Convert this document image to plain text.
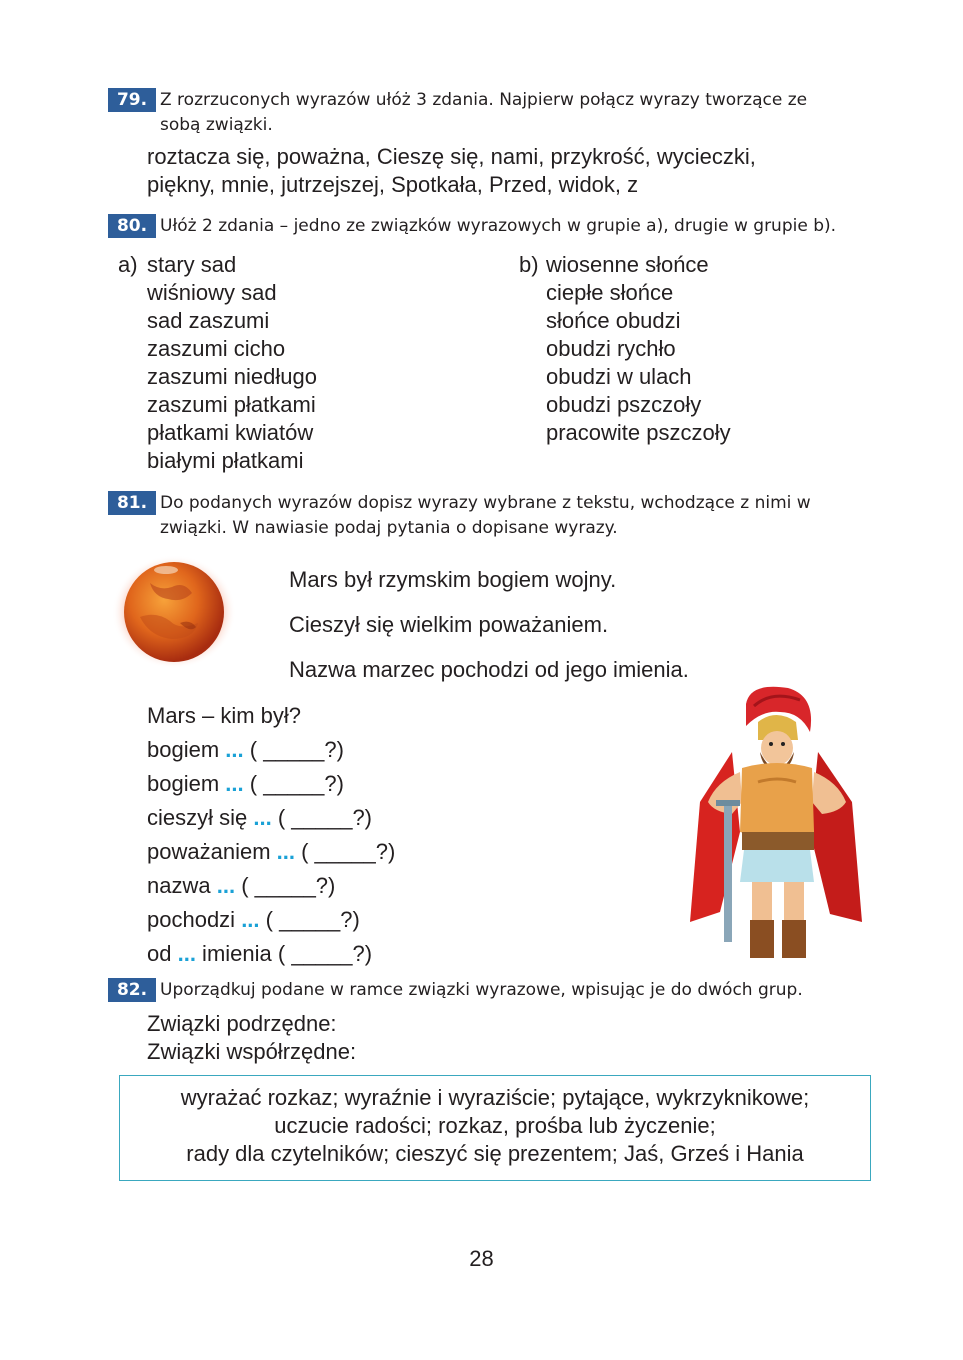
79. Z rozrzuconych wyrazów ułóż 3 zdania. Najpierw połącz wyrazy tworzące ze
sobą związki.
roztacza się, poważna, Cieszę się, nami, przykrość, wycieczki,
piękny, mnie, jutrzejszej, Spotkała, Przed, widok, z
80. Ułóż 2 zdania – jedno ze związków wyrazowych w grupie a), drugie w grupie b).
a) stary sad
wiśniowy sad
sad zaszumi
zaszumi cicho
zaszumi niedługo
zaszumi płatkami
płatkami kwiatów
białymi płatkami
b) wiosenne słońce
ciepłe słońce
słońce obudzi
obudzi rychło
obudzi w ulach
obudzi pszczoły
pracowite pszczoły
81. Do podanych wyrazów dopisz wyrazy wybrane z tekstu, wchodzące z nimi w
związki. W nawiasie podaj pytania o dopisane wyrazy.
Mars był rzymskim bogiem wojny.
Cieszył się wielkim poważaniem.
Nazwa marzec pochodzi od jego imienia.
Mars – kim był?
bogiem ... ( _____?)
bogiem ... ( _____?)
cieszył się ... ( _____?)
poważaniem ... ( _____?)
nazwa ... ( _____?)
pochodzi ... ( _____?)
od ... imienia ( _____?)
82. Uporządkuj podane w ramce związki wyrazowe, wpisując je do dwóch grup.
Związki podrzędne:
Związki współrzędne:
wyrażać rozkaz; wyraźnie i wyraziście; pytające, wykrzyknikowe;
uczucie radości; rozkaz, prośba lub życzenie;
rady dla czytelników; cieszyć się prezentem; Jaś, Grześ i Hania
28
